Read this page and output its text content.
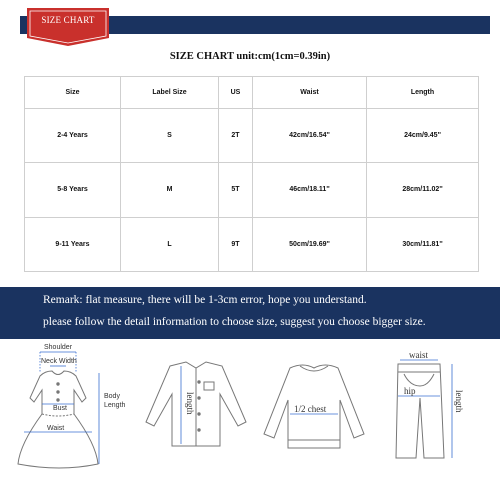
SIZE CHART
SIZE CHART unit:cm(1cm=0.39in)
Size	Label Size	US	Waist	Length
2-4 Years	S	2T	42cm/16.54''	24cm/9.45''
5-8 Years	M	5T	46cm/18.11''	28cm/11.02''
9-11 Years	L	9T	50cm/19.69''	30cm/11.81''
Remark: flat measure, there will be 1-3cm error, hope you understand.
please follow the detail information to choose size, suggest you choose bigger size.
Shoulder
Neck Width
Bust
Waist
Body
Length	length	1/2 chest
waist
hip	length
